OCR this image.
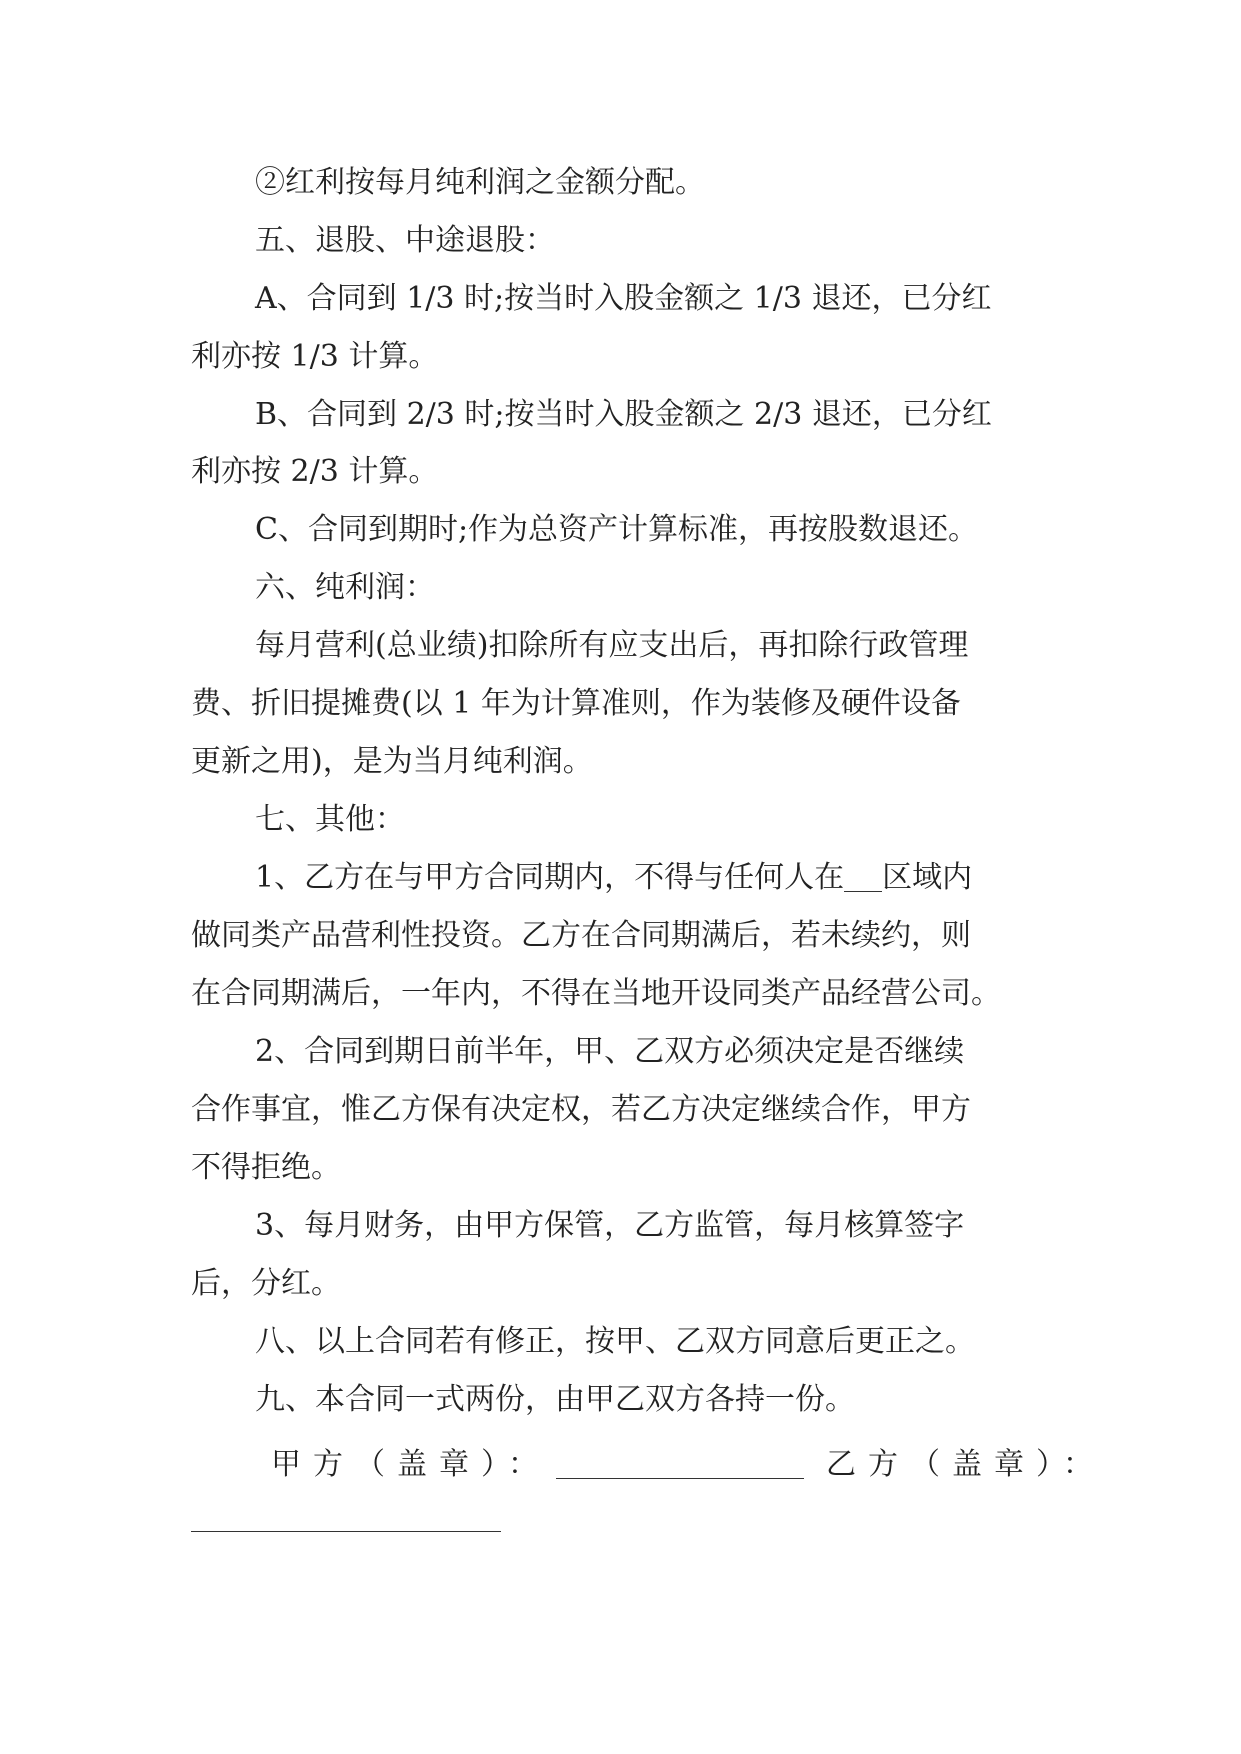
②红利按每月纯利润之金额分配。
五、退股、中途退股：
A、合同到 1/3 时;按当时入股金额之 1/3 退还，已分红
利亦按 1/3 计算。
B、合同到 2/3 时;按当时入股金额之 2/3 退还，已分红
利亦按 2/3 计算。
C、合同到期时;作为总资产计算标准，再按股数退还。
六、纯利润：
每月营利(总业绩)扣除所有应支出后，再扣除行政管理
费、折旧提摊费(以 1 年为计算准则，作为装修及硬件设备
更新之用)，是为当月纯利润。
七、其他：
1、乙方在与甲方合同期内，不得与任何人在 区域内
做同类产品营利性投资。乙方在合同期满后，若未续约，则
在合同期满后，一年内，不得在当地开设同类产品经营公司。
2、合同到期日前半年，甲、乙双方必须决定是否继续
合作事宜，惟乙方保有决定权，若乙方决定继续合作，甲方
不得拒绝。
3、每月财务，由甲方保管，乙方监管，每月核算签字
后，分红。
八、以上合同若有修正，按甲、乙双方同意后更正之。
九、本合同一式两份，由甲乙双方各持一份。
甲方（盖章）：	乙方（盖章）：
